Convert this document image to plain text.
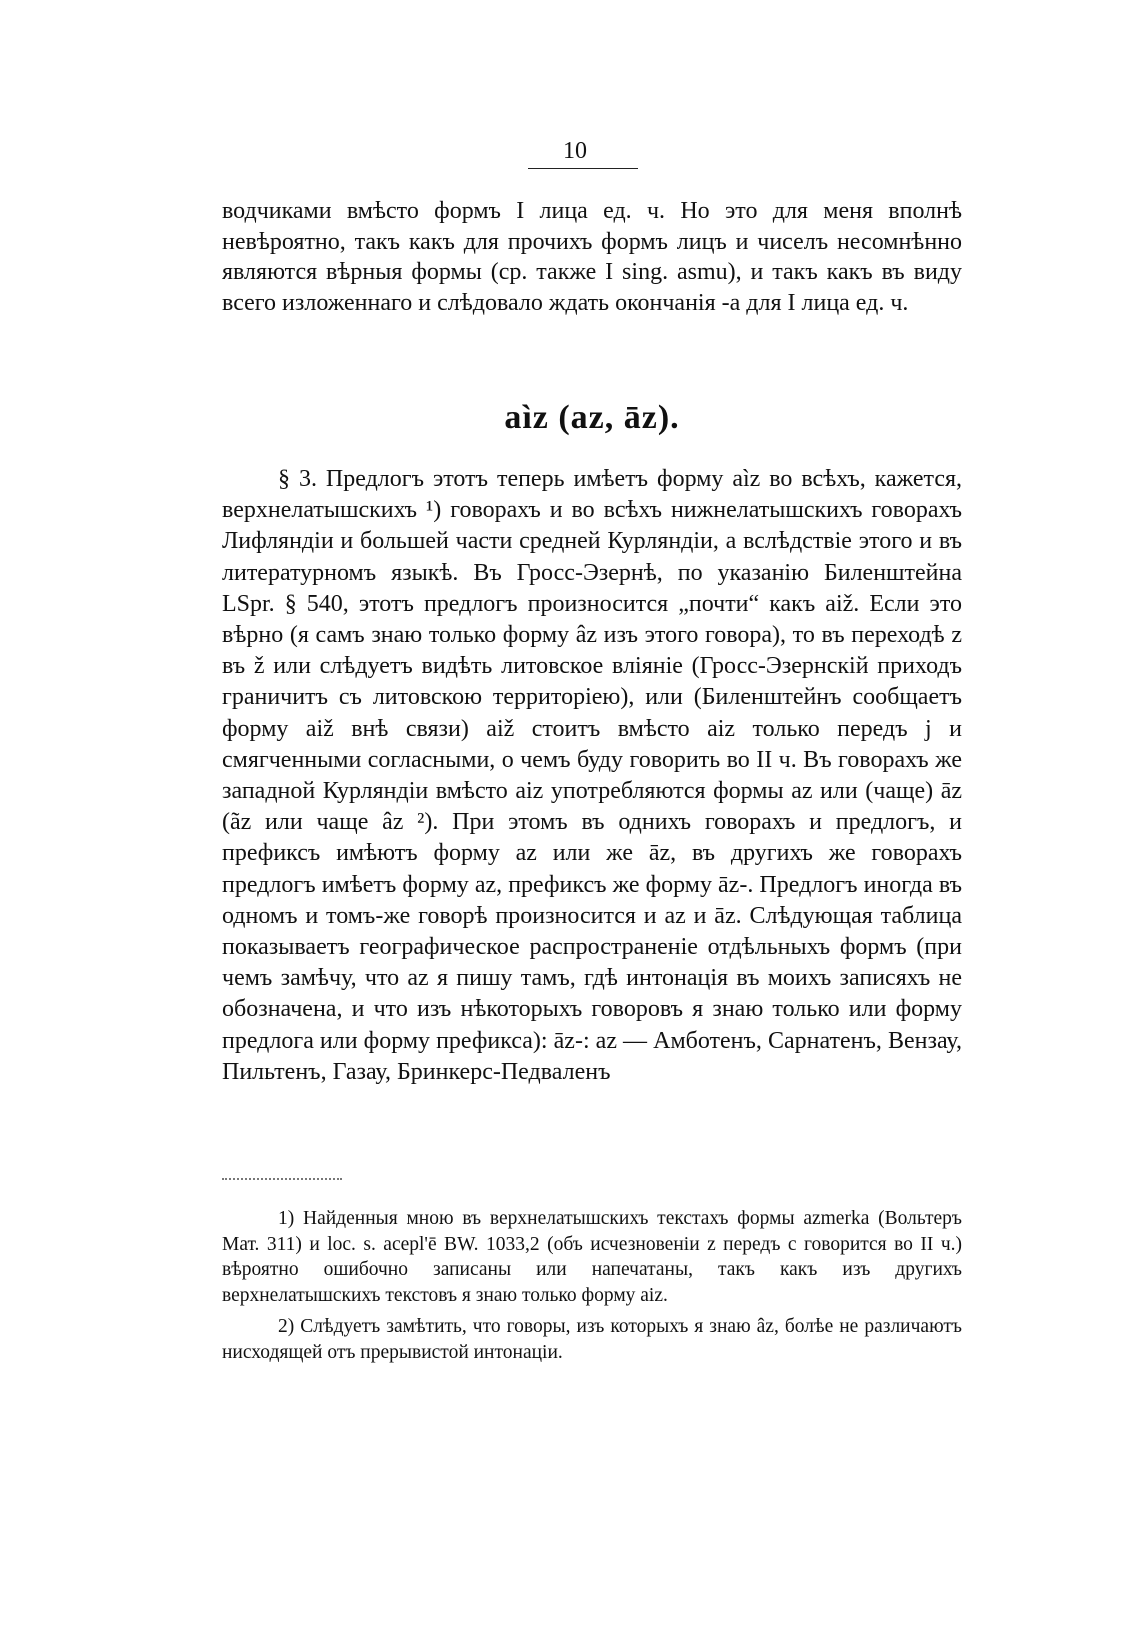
10

водчиками вмѣсто формъ I лица ед. ч. Но это для меня вполнѣ невѣроятно, такъ какъ для прочихъ формъ лицъ и чиселъ несомнѣнно являются вѣрныя формы (ср. также I sing. asmu), и такъ какъ въ виду всего изложеннаго и слѣдовало ждать окончанія -a для I лица ед. ч.

aìz (az, āz).

§ 3. Предлогъ этотъ теперь имѣетъ форму aìz во всѣхъ, кажется, верхнелатышскихъ ¹) говорахъ и во всѣхъ нижнелатышскихъ говорахъ Лифляндіи и большей части средней Курляндіи, а вслѣдствіе этого и въ литературномъ языкѣ. Въ Гросс-Эзернѣ, по указанію Биленштейна LSpr. § 540, этотъ предлогъ произносится „почти“ какъ aiž. Если это вѣрно (я самъ знаю только форму âz изъ этого говора), то въ переходѣ z въ ž или слѣдуетъ видѣть литовское вліяніе (Гросс-Эзернскій приходъ граничитъ съ литовскою территоріею), или (Биленштейнъ сообщаетъ форму aiž внѣ связи) aiž стоитъ вмѣсто aiz только передъ j и смягченными согласными, о чемъ буду говорить во II ч. Въ говорахъ же западной Курляндіи вмѣсто aiz употребляются формы az или (чаще) āz (ãz или чаще âz ²). При этомъ въ однихъ говорахъ и предлогъ, и префиксъ имѣютъ форму az или же āz, въ другихъ же говорахъ предлогъ имѣетъ форму az, префиксъ же форму āz-. Предлогъ иногда въ одномъ и томъ-же говорѣ произносится и az и āz. Слѣдующая таблица показываетъ географическое распространеніе отдѣльныхъ формъ (при чемъ замѣчу, что az я пишу тамъ, гдѣ интонація въ моихъ записяхъ не обозначена, и что изъ нѣкоторыхъ говоровъ я знаю только или форму предлога или форму префикса): āz-: az — Амботенъ, Сарнатенъ, Вензау, Пильтенъ, Газау, Бринкерс-Педваленъ

1) Найденныя мною въ верхнелатышскихъ текстахъ формы azmerka (Вольтеръ Мат. 311) и loc. s. acepl'ē BW. 1033,2 (объ исчезновеніи z передъ c говорится во II ч.) вѣроятно ошибочно записаны или напечатаны, такъ какъ изъ другихъ верхнелатышскихъ текстовъ я знаю только форму aiz.

2) Слѣдуетъ замѣтить, что говоры, изъ которыхъ я знаю âz, болѣе не различаютъ нисходящей отъ прерывистой интонаціи.
